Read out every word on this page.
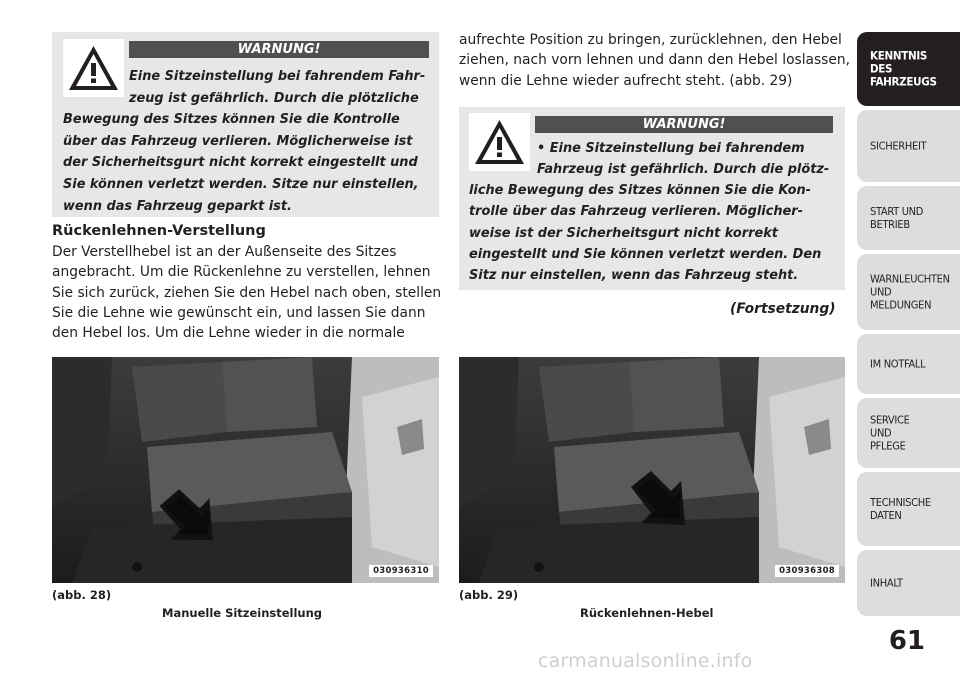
WARNUNG!
Eine Sitzeinstellung bei fahrendem Fahr-
zeug ist gefährlich. Durch die plötzliche
Bewegung des Sitzes können Sie die Kontrolle
über das Fahrzeug verlieren. Möglicherweise ist
der Sicherheitsgurt nicht korrekt eingestellt und
Sie können verletzt werden. Sitze nur einstellen,
wenn das Fahrzeug geparkt ist.
Rückenlehnen-Verstellung
Der Verstellhebel ist an der Außenseite des Sitzes
angebracht. Um die Rückenlehne zu verstellen, lehnen
Sie sich zurück, ziehen Sie den Hebel nach oben, stellen
Sie die Lehne wie gewünscht ein, und lassen Sie dann
den Hebel los. Um die Lehne wieder in die normale
aufrechte Position zu bringen, zurücklehnen, den Hebel
ziehen, nach vorn lehnen und dann den Hebel loslassen,
wenn die Lehne wieder aufrecht steht. (abb. 29)
WARNUNG!
• Eine Sitzeinstellung bei fahrendem
Fahrzeug ist gefährlich. Durch die plötz-
liche Bewegung des Sitzes können Sie die Kon-
trolle über das Fahrzeug verlieren. Möglicher-
weise ist der Sicherheitsgurt nicht korrekt
eingestellt und Sie können verletzt werden. Den
Sitz nur einstellen, wenn das Fahrzeug steht.
(Fortsetzung)
030936310
(abb. 28)
Manuelle Sitzeinstellung
030936308
(abb. 29)
Rückenlehnen-Hebel
KENNTNIS
DES
FAHRZEUGS
SICHERHEIT
START UND
BETRIEB
WARNLEUCHTEN
UND
MELDUNGEN
IM NOTFALL
SERVICE
UND
PFLEGE
TECHNISCHE
DATEN
INHALT
61
carmanualsonline.info
